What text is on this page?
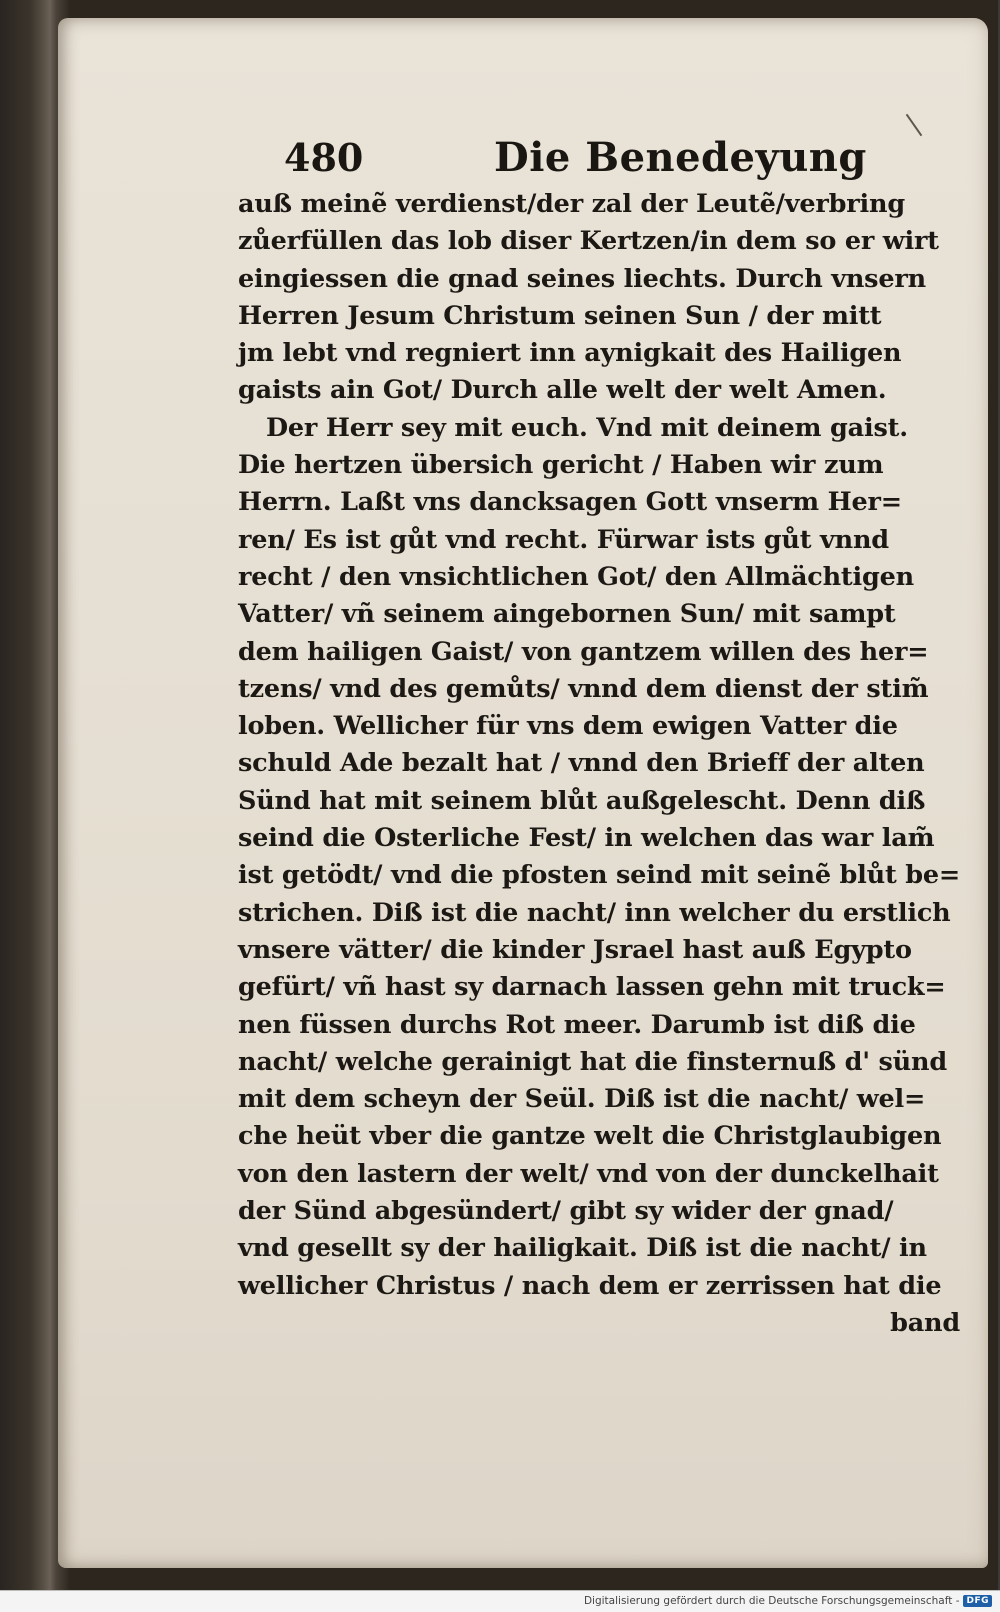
480	Die Benedeyung
auß meinẽ verdienst/der zal der Leutẽ/verbring
zůerfüllen das lob diser Kertzen/in dem so er wirt
eingiessen die gnad seines liechts. Durch vnsern
Herren Jesum Christum seinen Sun / der mitt
jm lebt vnd regniert inn aynigkait des Hailigen
gaists ain Got/ Durch alle welt der welt Amen.
Der Herr sey mit euch. Vnd mit deinem gaist.
Die hertzen übersich gericht / Haben wir zum
Herrn. Laßt vns dancksagen Gott vnserm Her=
ren/ Es ist gůt vnd recht. Fürwar ists gůt vnnd
recht / den vnsichtlichen Got/ den Allmächtigen
Vatter/ vñ seinem aingebornen Sun/ mit sampt
dem hailigen Gaist/ von gantzem willen des her=
tzens/ vnd des gemůts/ vnnd dem dienst der stim̃
loben. Wellicher für vns dem ewigen Vatter die
schuld Ade bezalt hat / vnnd den Brieff der alten
Sünd hat mit seinem blůt außgelescht. Denn diß
seind die Osterliche Fest/ in welchen das war lam̃
ist getödt/ vnd die pfosten seind mit seinẽ blůt be=
strichen. Diß ist die nacht/ inn welcher du erstlich
vnsere vätter/ die kinder Jsrael hast auß Egypto
gefürt/ vñ hast sy darnach lassen gehn mit truck=
nen füssen durchs Rot meer. Darumb ist diß die
nacht/ welche gerainigt hat die finsternuß d' sünd
mit dem scheyn der Seül. Diß ist die nacht/ wel=
che heüt vber die gantze welt die Christglaubigen
von den lastern der welt/ vnd von der dunckelhait
der Sünd abgesündert/ gibt sy wider der gnad/
vnd gesellt sy der hailigkait. Diß ist die nacht/ in
wellicher Christus / nach dem er zerrissen hat die
band
Digitalisierung gefördert durch die Deutsche Forschungsgemeinschaft - DFG
